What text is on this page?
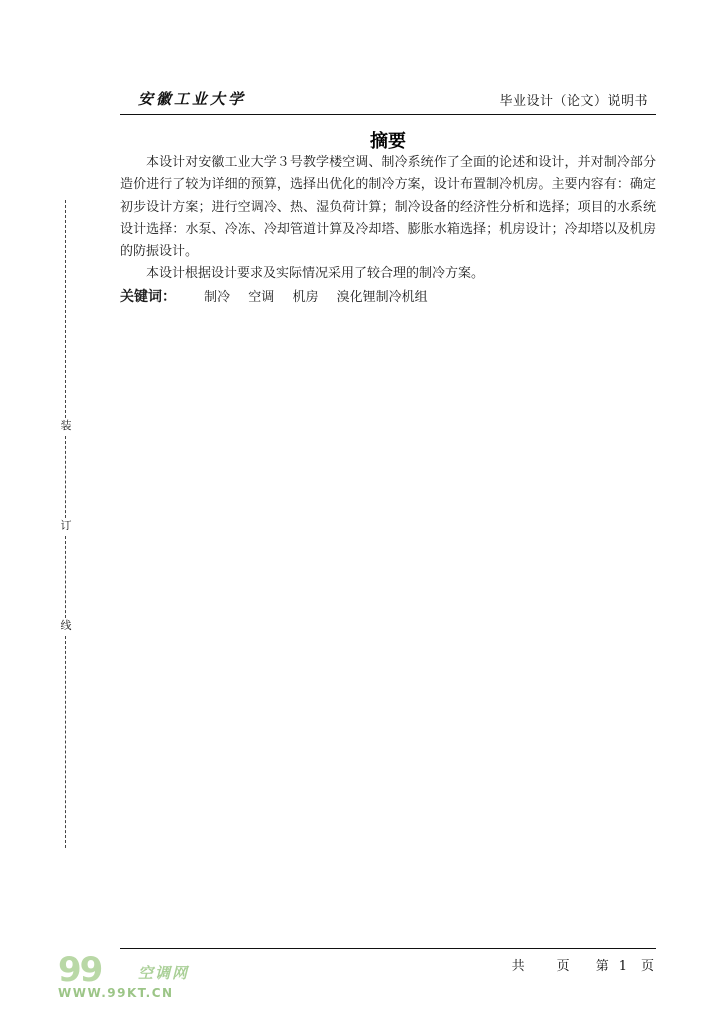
安徽工业大学	毕业设计（论文）说明书
摘要

本设计对安徽工业大学３号教学楼空调、制冷系统作了全面的论述和设计，并对制冷部分造价进行了较为详细的预算，选择出优化的制冷方案，设计布置制冷机房。主要内容有：确定初步设计方案；进行空调冷、热、湿负荷计算；制冷设备的经济性分析和选择；项目的水系统设计选择：水泵、冷冻、冷却管道计算及冷却塔、膨胀水箱选择；机房设计；冷却塔以及机房的防振设计。

本设计根据设计要求及实际情况采用了较合理的制冷方案。

关键词： 制冷 空调 机房 溴化锂制冷机组
装
订
线
共 页 第 1 页
99 空调网
WWW.99KT.CN
